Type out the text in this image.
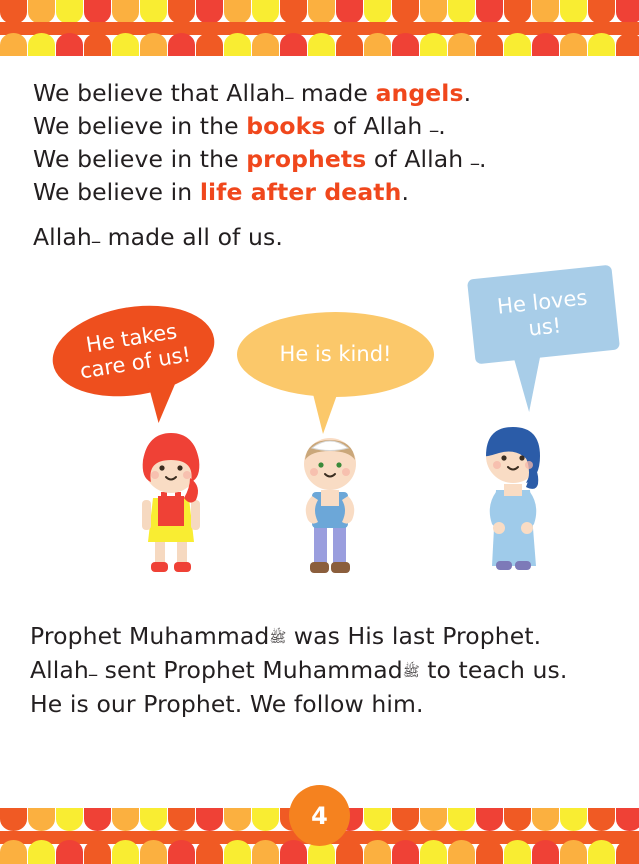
We believe that Allahــ made angels.
We believe in the books of Allah ــ.
We believe in the prophets of Allah ــ.
We believe in life after death.
Allahــ made all of us.
He takes care of us!	He is kind!
He loves us!
Prophet Muhammadﷺ was His last Prophet.
Allahــ sent Prophet Muhammadﷺ to teach us.
He is our Prophet. We follow him.
4
